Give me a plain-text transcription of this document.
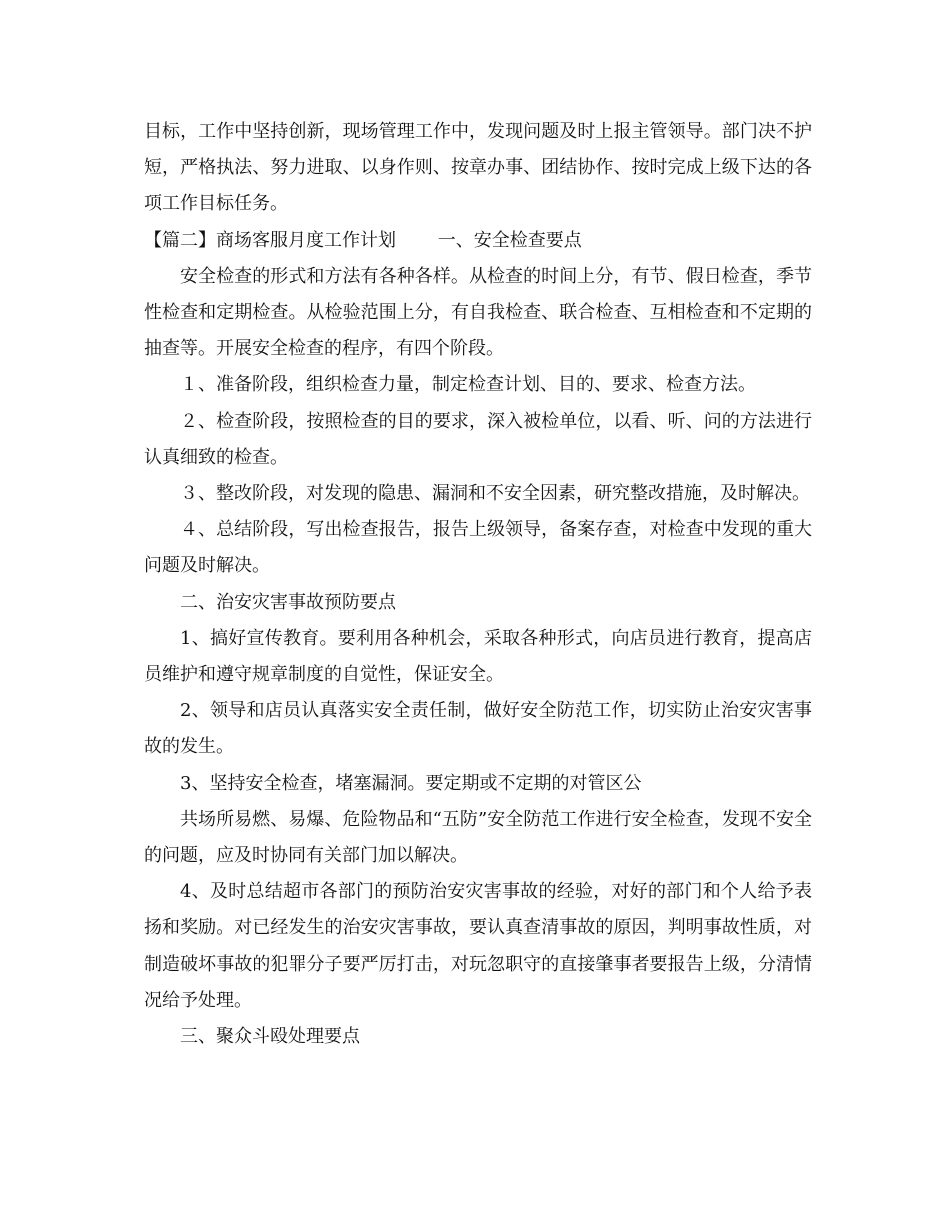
目标，工作中坚持创新，现场管理工作中，发现问题及时上报主管领导。部门决不护短，严格执法、努力进取、以身作则、按章办事、团结协作、按时完成上级下达的各项工作目标任务。

【篇二】商场客服月度工作计划　　 一、安全检查要点

安全检查的形式和方法有各种各样。从检查的时间上分，有节、假日检查，季节性检查和定期检查。从检验范围上分，有自我检查、联合检查、互相检查和不定期的抽查等。开展安全检查的程序，有四个阶段。

１、准备阶段，组织检查力量，制定检查计划、目的、要求、检查方法。

２、检查阶段，按照检查的目的要求，深入被检单位，以看、听、问的方法进行认真细致的检查。

３、整改阶段，对发现的隐患、漏洞和不安全因素，研究整改措施，及时解决。

４、总结阶段，写出检查报告，报告上级领导，备案存查，对检查中发现的重大问题及时解决。

二、治安灾害事故预防要点

1、搞好宣传教育。要利用各种机会，采取各种形式，向店员进行教育，提高店员维护和遵守规章制度的自觉性，保证安全。

2、领导和店员认真落实安全责任制，做好安全防范工作，切实防止治安灾害事故的发生。

3、坚持安全检查，堵塞漏洞。要定期或不定期的对管区公

共场所易燃、易爆、危险物品和“五防”安全防范工作进行安全检查，发现不安全的问题，应及时协同有关部门加以解决。

4、及时总结超市各部门的预防治安灾害事故的经验，对好的部门和个人给予表扬和奖励。对已经发生的治安灾害事故，要认真查清事故的原因，判明事故性质，对制造破坏事故的犯罪分子要严厉打击，对玩忽职守的直接肇事者要报告上级，分清情况给予处理。

三、聚众斗殴处理要点
